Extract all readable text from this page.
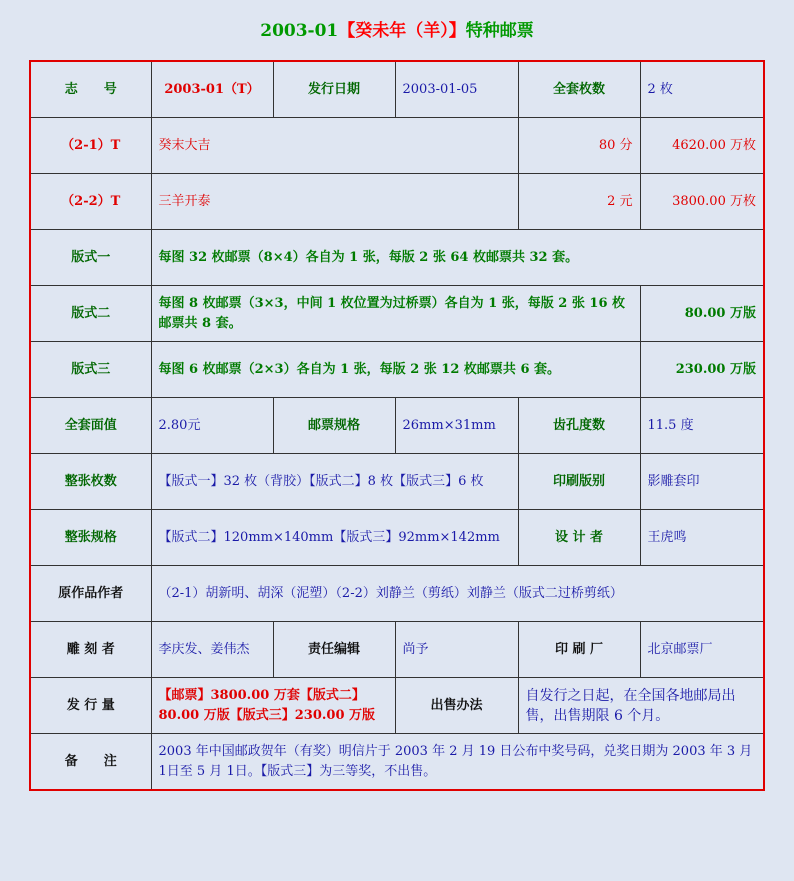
2003-01【癸未年（羊）】特种邮票
志　　号	2003-01（T）	发行日期	2003-01-05	全套枚数	2 枚
（2-1）T	癸末大吉			80 分	4620.00 万枚
（2-2）T	三羊开泰			2 元	3800.00 万枚
版式一	每图 32 枚邮票（8×4）各自为 1 张，每版 2 张 64 枚邮票共 32 套。				
版式二	每图 8 枚邮票（3×3，中间 1 枚位置为过桥票）各自为 1 张，每版 2 张 16 枚邮票共 8 套。				80.00 万版
版式三	每图 6 枚邮票（2×3）各自为 1 张，每版 2 张 12 枚邮票共 6 套。				230.00 万版
全套面值	2.80元	邮票规格	26mm×31mm	齿孔度数	11.5 度
整张枚数	【版式一】32 枚（背胶）【版式二】8 枚【版式三】6 枚			印刷版别	影雕套印
整张规格	【版式二】120mm×140mm【版式三】92mm×142mm			设 计 者	王虎鸣
原作品作者	（2-1）胡新明、胡深（泥塑）（2-2）刘静兰（剪纸）刘静兰（版式二过桥剪纸）				
雕 刻 者	李庆发、姜伟杰	责任编辑	尚予	印 刷 厂	北京邮票厂
发 行 量	【邮票】3800.00 万套【版式二】80.00 万版【版式三】230.00 万版		出售办法	自发行之日起，在全国各地邮局出售，出售期限 6 个月。	
备　　注	2003 年中国邮政贺年（有奖）明信片于 2003 年 2 月 19 日公布中奖号码，兑奖日期为 2003 年 3 月 1日至 5 月 1日。【版式三】为三等奖，不出售。				
